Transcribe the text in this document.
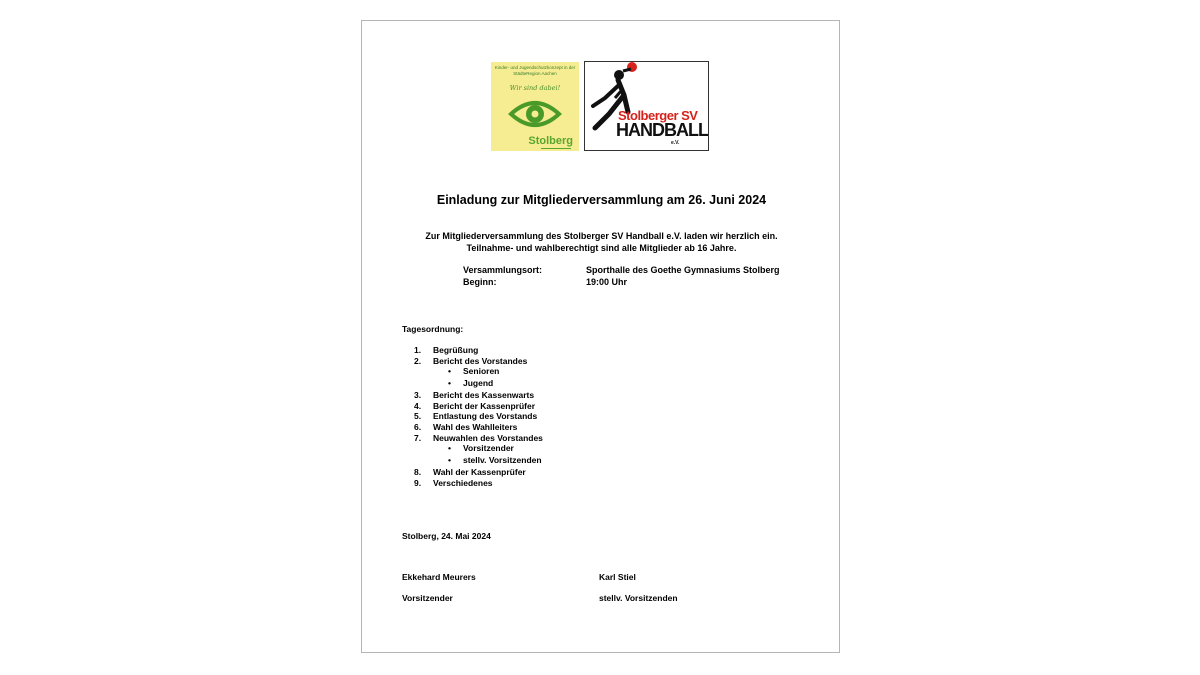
Kinder- und Jugendschutzkonzept in der StädteRegion Aachen
Wir sind dabei!
Stolberg
Stolberger SV
HANDBALL
e.V.
Einladung zur Mitgliederversammlung am 26. Juni 2024
Zur Mitgliederversammlung des Stolberger SV Handball e.V. laden wir herzlich ein.
Teilnahme- und wahlberechtigt sind alle Mitglieder ab 16 Jahre.
Versammlungsort:	Sporthalle des Goethe Gymnasiums Stolberg
Beginn:	19:00 Uhr
Tagesordnung:
1. Begrüßung
2. Bericht des Vorstandes
• Senioren
• Jugend
3. Bericht des Kassenwarts
4. Bericht der Kassenprüfer
5. Entlastung des Vorstands
6. Wahl des Wahlleiters
7. Neuwahlen des Vorstandes
• Vorsitzender
• stellv. Vorsitzenden
8. Wahl der Kassenprüfer
9. Verschiedenes
Stolberg, 24. Mai 2024
Ekkehard Meurers
Vorsitzender
Karl Stiel
stellv. Vorsitzenden
